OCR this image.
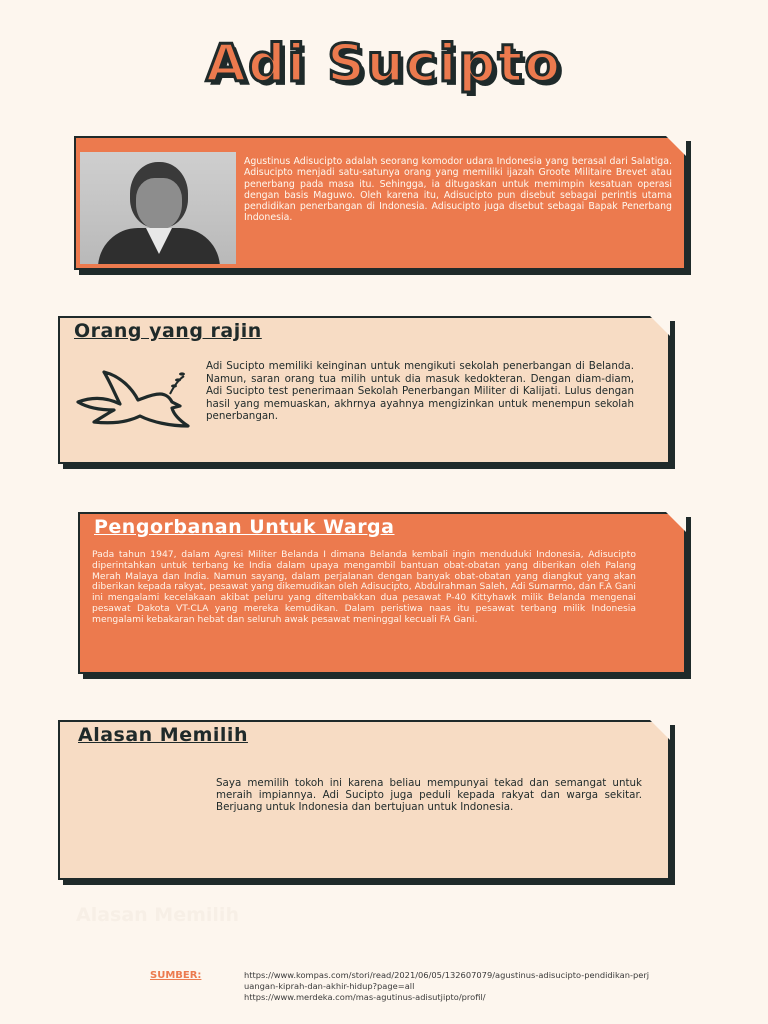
Adi Sucipto
Agustinus Adisucipto adalah seorang komodor udara Indonesia yang berasal dari Salatiga. Adisucipto menjadi satu-satunya orang yang memiliki ijazah Groote Militaire Brevet atau penerbang pada masa itu. Sehingga, ia ditugaskan untuk memimpin kesatuan operasi dengan basis Maguwo. Oleh karena itu, Adisucipto pun disebut sebagai perintis utama pendidikan penerbangan di Indonesia. Adisucipto juga disebut sebagai Bapak Penerbang Indonesia.
Orang yang rajin
Adi Sucipto memiliki keinginan untuk mengikuti sekolah penerbangan di Belanda. Namun, saran orang tua milih untuk dia masuk kedokteran. Dengan diam-diam, Adi Sucipto test penerimaan Sekolah Penerbangan Militer di Kalijati. Lulus dengan hasil yang memuaskan, akhrnya ayahnya mengizinkan untuk menempun sekolah penerbangan.
Pengorbanan Untuk Warga
Pada tahun 1947, dalam Agresi Militer Belanda I dimana Belanda kembali ingin menduduki Indonesia, Adisucipto diperintahkan untuk terbang ke India dalam upaya mengambil bantuan obat-obatan yang diberikan oleh Palang Merah Malaya dan India. Namun sayang, dalam perjalanan dengan banyak obat-obatan yang diangkut yang akan diberikan kepada rakyat, pesawat yang dikemudikan oleh Adisucipto, Abdulrahman Saleh, Adi Sumarmo, dan F.A Gani ini mengalami kecelakaan akibat peluru yang ditembakkan dua pesawat P-40 Kittyhawk milik Belanda mengenai pesawat Dakota VT-CLA yang mereka kemudikan. Dalam peristiwa naas itu pesawat terbang milik Indonesia mengalami kebakaran hebat dan seluruh awak pesawat meninggal kecuali FA Gani.
Alasan Memilih
Saya memilih tokoh ini karena beliau mempunyai tekad dan semangat untuk meraih impiannya. Adi Sucipto juga peduli kepada rakyat dan warga sekitar. Berjuang untuk Indonesia dan bertujuan untuk Indonesia.
Alasan Memilih
SUMBER:	https://www.kompas.com/stori/read/2021/06/05/132607079/agustinus-adisucipto-pendidikan-perjuangan-kiprah-dan-akhir-hidup?page=all
https://www.merdeka.com/mas-agutinus-adisutjipto/profil/
